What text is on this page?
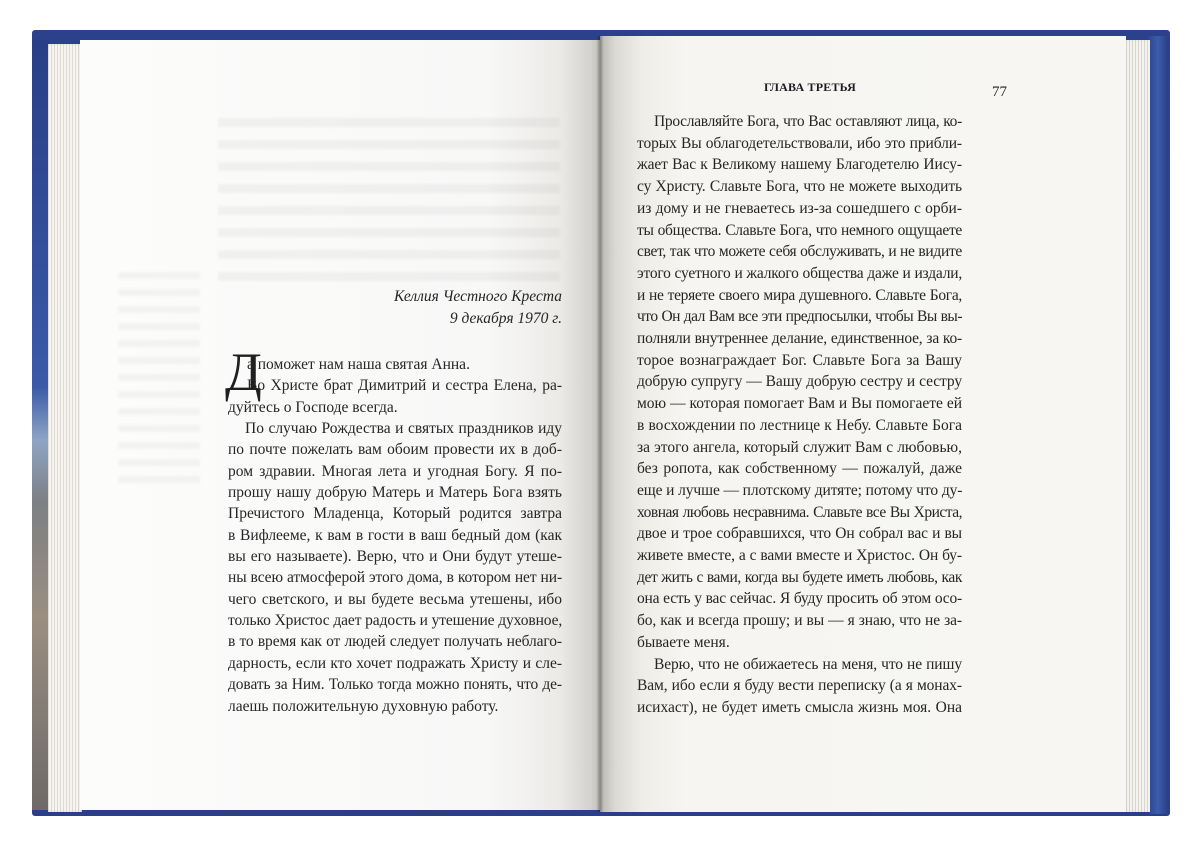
Келлия Честного Креста
9 декабря 1970 г.
Д
а поможет нам наша святая Анна.
Во Христе брат Димитрий и сестра Елена, ра-
дуйтесь о Господе всегда.
По случаю Рождества и святых праздников иду
по почте пожелать вам обоим провести их в доб-
ром здравии. Многая лета и угодная Богу. Я по-
прошу нашу добрую Матерь и Матерь Бога взять
Пречистого Младенца, Который родится завтра
в Вифлееме, к вам в гости в ваш бедный дом (как
вы его называете). Верю, что и Они будут утеше-
ны всею атмосферой этого дома, в котором нет ни-
чего светского, и вы будете весьма утешены, ибо
только Христос дает радость и утешение духовное,
в то время как от людей следует получать неблаго-
дарность, если кто хочет подражать Христу и сле-
довать за Ним. Только тогда можно понять, что де-
лаешь положительную духовную работу.
ГЛАВА ТРЕТЬЯ	77
Прославляйте Бога, что Вас оставляют лица, ко-
торых Вы облагодетельствовали, ибо это прибли-
жает Вас к Великому нашему Благодетелю Иису-
су Христу. Славьте Бога, что не можете выходить
из дому и не гневаетесь из-за сошедшего с орби-
ты общества. Славьте Бога, что немного ощущаете
свет, так что можете себя обслуживать, и не видите
этого суетного и жалкого общества даже и издали,
и не теряете своего мира душевного. Славьте Бога,
что Он дал Вам все эти предпосылки, чтобы Вы вы-
полняли внутреннее делание, единственное, за ко-
торое вознаграждает Бог. Славьте Бога за Вашу
добрую супругу — Вашу добрую сестру и сестру
мою — которая помогает Вам и Вы помогаете ей
в восхождении по лестнице к Небу. Славьте Бога
за этого ангела, который служит Вам с любовью,
без ропота, как собственному — пожалуй, даже
еще и лучше — плотскому дитяте; потому что ду-
ховная любовь несравнима. Славьте все Вы Христа,
двое и трое собравшихся, что Он собрал вас и вы
живете вместе, а с вами вместе и Христос. Он бу-
дет жить с вами, когда вы будете иметь любовь, как
она есть у вас сейчас. Я буду просить об этом осо-
бо, как и всегда прошу; и вы — я знаю, что не за-
бываете меня.
Верю, что не обижаетесь на меня, что не пишу
Вам, ибо если я буду вести переписку (а я монах-
исихаст), не будет иметь смысла жизнь моя. Она
